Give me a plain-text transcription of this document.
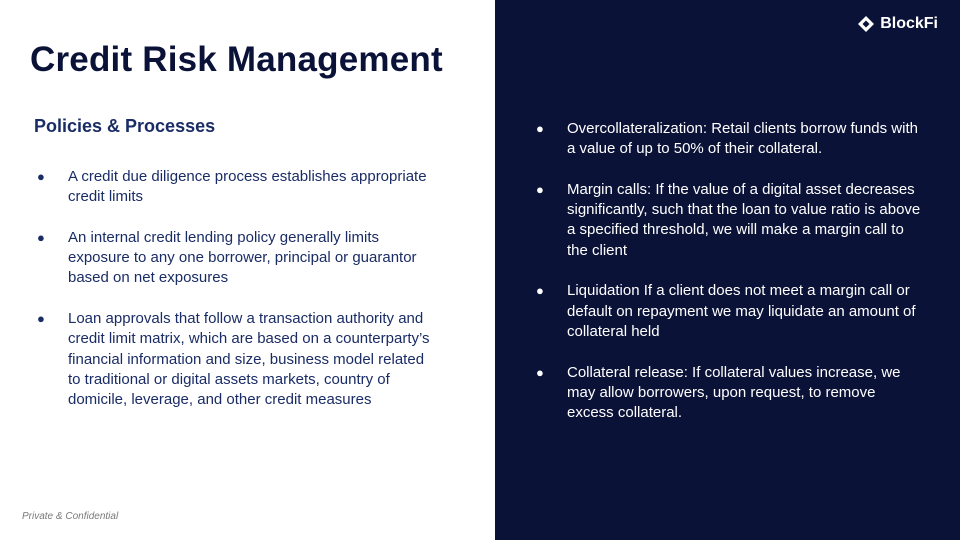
Credit Risk Management
Policies & Processes
● A credit due diligence process establishes appropriate credit limits
● An internal credit lending policy generally limits exposure to any one borrower, principal or guarantor based on net exposures
● Loan approvals that follow a transaction authority and credit limit matrix, which are based on a counterparty’s financial information and size, business model related to traditional or digital assets markets, country of domicile, leverage, and other credit measures
● Overcollateralization: Retail clients borrow funds with a value of up to 50% of their collateral.
● Margin calls: If the value of a digital asset decreases significantly, such that the loan to value ratio is above a specified threshold, we will make a margin call to the client
● Liquidation If a client does not meet a margin call or default on repayment we may liquidate an amount of collateral held
● Collateral release: If collateral values increase, we may allow borrowers, upon request, to remove excess collateral.
BlockFi
Private & Confidential
